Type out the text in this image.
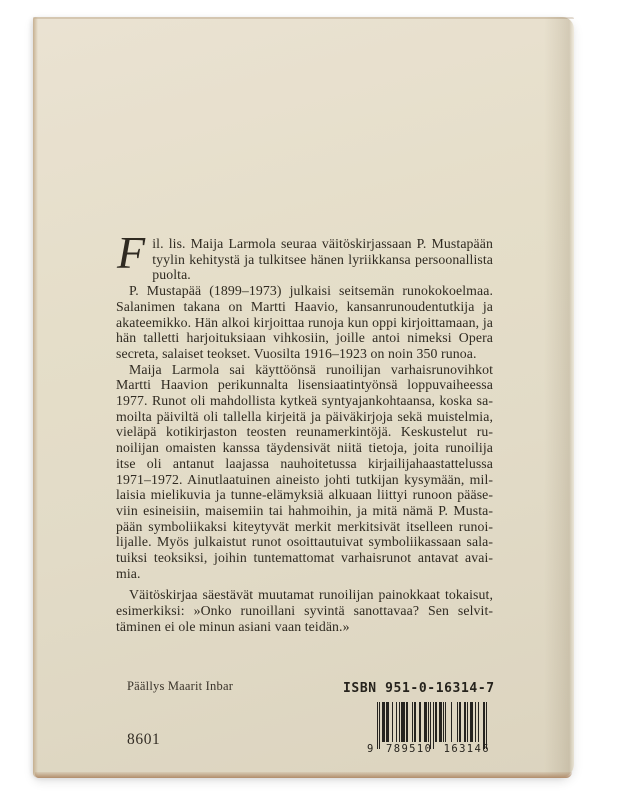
Fil. lis. Maija Larmola seuraa väitöskirjassaan P. Mustapään tyylin kehitystä ja tulkitsee hänen lyriikkansa persoonallista puolta.
P. Mustapää (1899–1973) julkaisi seitsemän runokokoelmaa. Salanimen takana on Martti Haavio, kansanrunoudentutkija ja akateemikko. Hän alkoi kirjoittaa runoja kun oppi kirjoittamaan, ja hän talletti harjoituksiaan vihkosiin, joille antoi nimeksi Opera secreta, salaiset teokset. Vuosilta 1916–1923 on noin 350 runoa.
Maija Larmola sai käyttöönsä runoilijan varhaisrunovihkot Martti Haavion perikunnalta lisensiaatintyönsä loppuvaiheessa 1977. Runot oli mahdollista kytkeä syntyajankohtaansa, koska samoilta päiviltä oli tallella kirjeitä ja päiväkirjoja sekä muistelmia, vieläpä kotikirjaston teosten reunamerkintöjä. Keskustelut runoilijan omaisten kanssa täydensivät niitä tietoja, joita runoilija itse oli antanut laajassa nauhoitetussa kirjailijahaastattelussa 1971–1972. Ainutlaatuinen aineisto johti tutkijan kysymään, millaisia mielikuvia ja tunne-elämyksiä alkuaan liittyi runoon pääseviin esineisiin, maisemiin tai hahmoihin, ja mitä nämä P. Mustapään symboliikaksi kiteytyvät merkit merkitsivät itselleen runoilijalle. Myös julkaistut runot osoittautuivat symboliikassaan salatuiksi teoksiksi, joihin tuntemattomat varhaisrunot antavat avaimia.
Väitöskirjaa säestävät muutamat runoilijan painokkaat tokaisut, esimerkiksi: »Onko runoillani syvintä sanottavaa? Sen selvittäminen ei ole minun asiani vaan teidän.»
Päällys Maarit Inbar	ISBN 951-0-16314-7
9 789510 163146
8601
